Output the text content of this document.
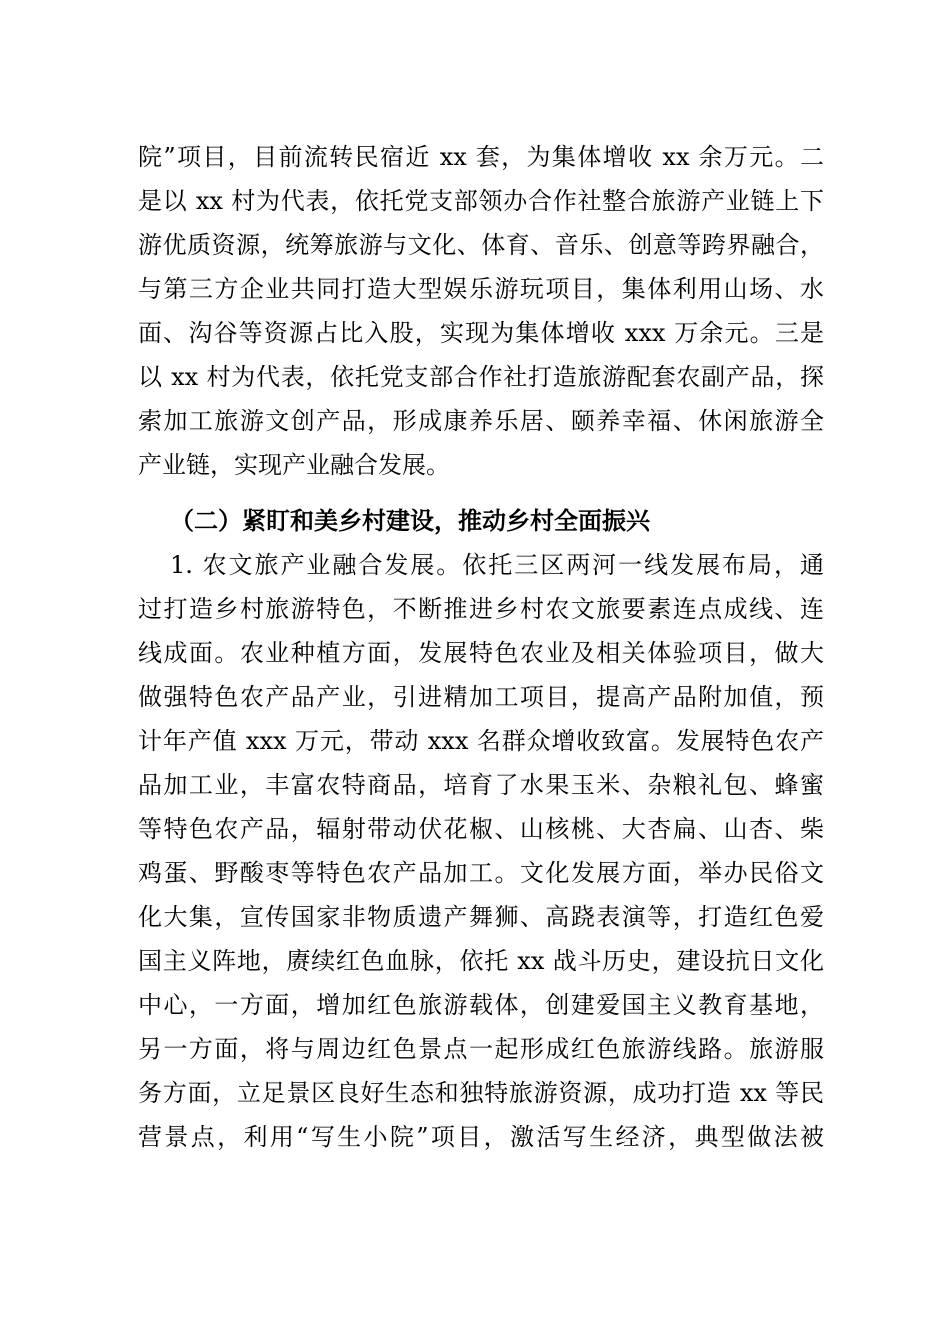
院”项目，目前流转民宿近 xx 套，为集体增收 xx 余万元。二
是以 xx 村为代表，依托党支部领办合作社整合旅游产业链上下
游优质资源，统筹旅游与文化、体育、音乐、创意等跨界融合，
与第三方企业共同打造大型娱乐游玩项目，集体利用山场、水
面、沟谷等资源占比入股，实现为集体增收 xxx 万余元。三是
以 xx 村为代表，依托党支部合作社打造旅游配套农副产品，探
索加工旅游文创产品，形成康养乐居、颐养幸福、休闲旅游全
产业链，实现产业融合发展。
（二）紧盯和美乡村建设，推动乡村全面振兴
1. 农文旅产业融合发展。依托三区两河一线发展布局，通
过打造乡村旅游特色，不断推进乡村农文旅要素连点成线、连
线成面。农业种植方面，发展特色农业及相关体验项目，做大
做强特色农产品产业，引进精加工项目，提高产品附加值，预
计年产值 xxx 万元，带动 xxx 名群众增收致富。发展特色农产
品加工业，丰富农特商品，培育了水果玉米、杂粮礼包、蜂蜜
等特色农产品，辐射带动伏花椒、山核桃、大杏扁、山杏、柴
鸡蛋、野酸枣等特色农产品加工。文化发展方面，举办民俗文
化大集，宣传国家非物质遗产舞狮、高跷表演等，打造红色爱
国主义阵地，赓续红色血脉，依托 xx 战斗历史，建设抗日文化
中心，一方面，增加红色旅游载体，创建爱国主义教育基地，
另一方面，将与周边红色景点一起形成红色旅游线路。旅游服
务方面，立足景区良好生态和独特旅游资源，成功打造 xx 等民
营景点，利用“写生小院”项目，激活写生经济，典型做法被
